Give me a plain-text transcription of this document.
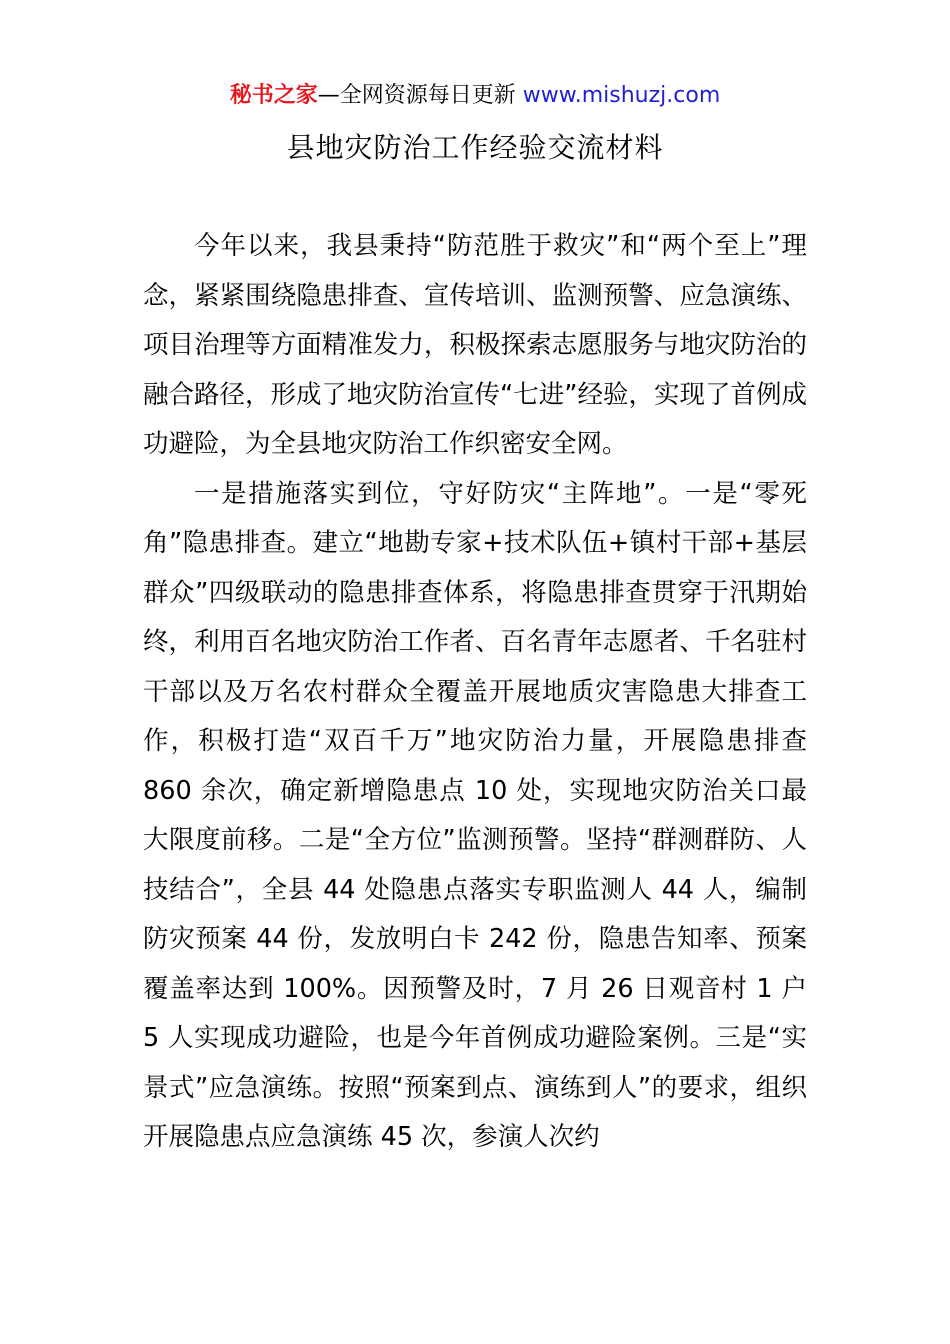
秘书之家—全网资源每日更新 www.mishuzj.com
县地灾防治工作经验交流材料

今年以来，我县秉持“防范胜于救灾”和“两个至上”理念，紧紧围绕隐患排查、宣传培训、监测预警、应急演练、项目治理等方面精准发力，积极探索志愿服务与地灾防治的融合路径，形成了地灾防治宣传“七进”经验，实现了首例成功避险，为全县地灾防治工作织密安全网。

一是措施落实到位，守好防灾“主阵地”。一是“零死角”隐患排查。建立“地勘专家+技术队伍+镇村干部+基层群众”四级联动的隐患排查体系，将隐患排查贯穿于汛期始终，利用百名地灾防治工作者、百名青年志愿者、千名驻村干部以及万名农村群众全覆盖开展地质灾害隐患大排查工作，积极打造“双百千万”地灾防治力量，开展隐患排查 860 余次，确定新增隐患点 10 处，实现地灾防治关口最大限度前移。二是“全方位”监测预警。坚持“群测群防、人技结合”，全县 44 处隐患点落实专职监测人 44 人，编制防灾预案 44 份，发放明白卡 242 份，隐患告知率、预案覆盖率达到 100%。因预警及时，7 月 26 日观音村 1 户 5 人实现成功避险，也是今年首例成功避险案例。三是“实景式”应急演练。按照“预案到点、演练到人”的要求，组织开展隐患点应急演练 45 次，参演人次约
